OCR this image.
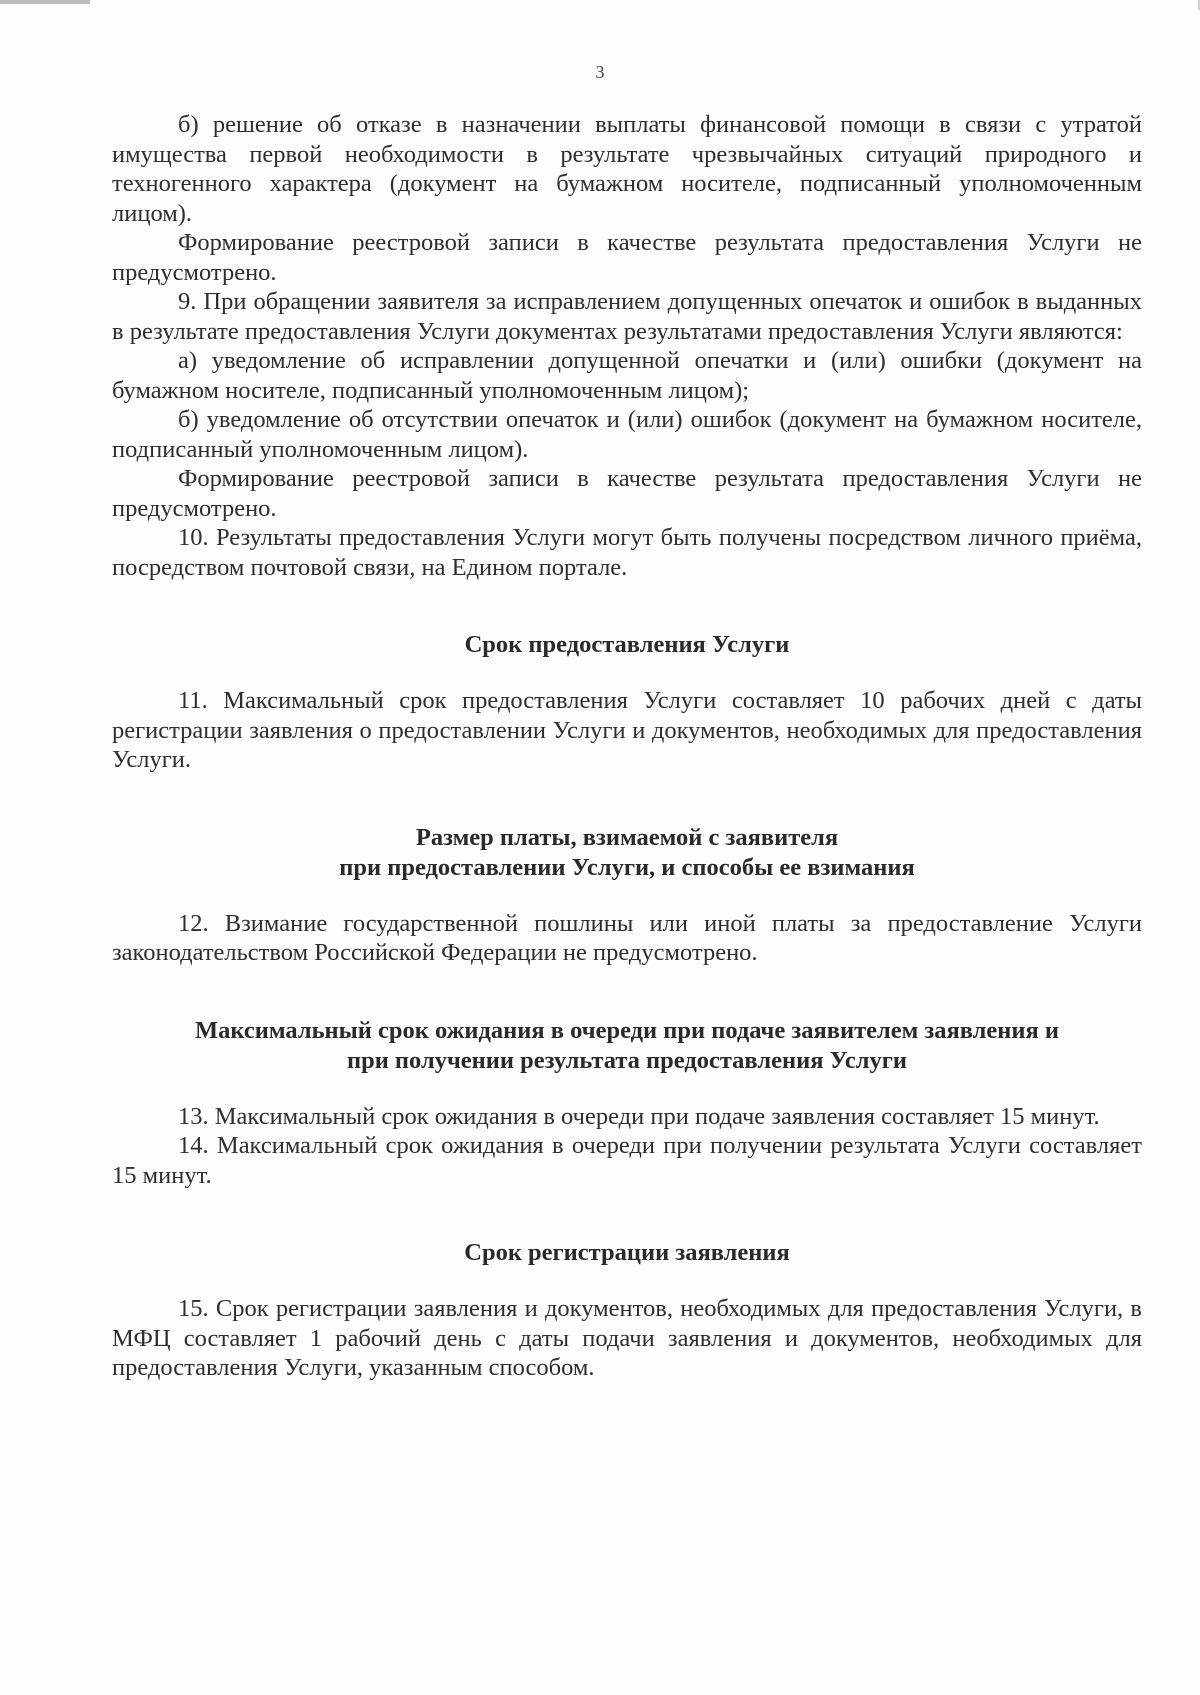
3

б) решение об отказе в назначении выплаты финансовой помощи в связи с утратой имущества первой необходимости в результате чрезвычайных ситуаций природного и техногенного характера (документ на бумажном носителе, подписанный уполномоченным лицом).

Формирование реестровой записи в качестве результата предоставления Услуги не предусмотрено.

9. При обращении заявителя за исправлением допущенных опечаток и ошибок в выданных в результате предоставления Услуги документах результатами предоставления Услуги являются:

а) уведомление об исправлении допущенной опечатки и (или) ошибки (документ на бумажном носителе, подписанный уполномоченным лицом);

б) уведомление об отсутствии опечаток и (или) ошибок (документ на бумажном носителе, подписанный уполномоченным лицом).

Формирование реестровой записи в качестве результата предоставления Услуги не предусмотрено.

10. Результаты предоставления Услуги могут быть получены посредством личного приёма, посредством почтовой связи, на Едином портале.

Срок предоставления Услуги

11. Максимальный срок предоставления Услуги составляет 10 рабочих дней с даты регистрации заявления о предоставлении Услуги и документов, необходимых для предоставления Услуги.

Размер платы, взимаемой с заявителя
при предоставлении Услуги, и способы ее взимания

12. Взимание государственной пошлины или иной платы за предоставление Услуги законодательством Российской Федерации не предусмотрено.

Максимальный срок ожидания в очереди при подаче заявителем заявления и
при получении результата предоставления Услуги

13. Максимальный срок ожидания в очереди при подаче заявления составляет 15 минут.

14. Максимальный срок ожидания в очереди при получении результата Услуги составляет 15 минут.

Срок регистрации заявления

15. Срок регистрации заявления и документов, необходимых для предоставления Услуги, в МФЦ составляет 1 рабочий день с даты подачи заявления и документов, необходимых для предоставления Услуги, указанным способом.
